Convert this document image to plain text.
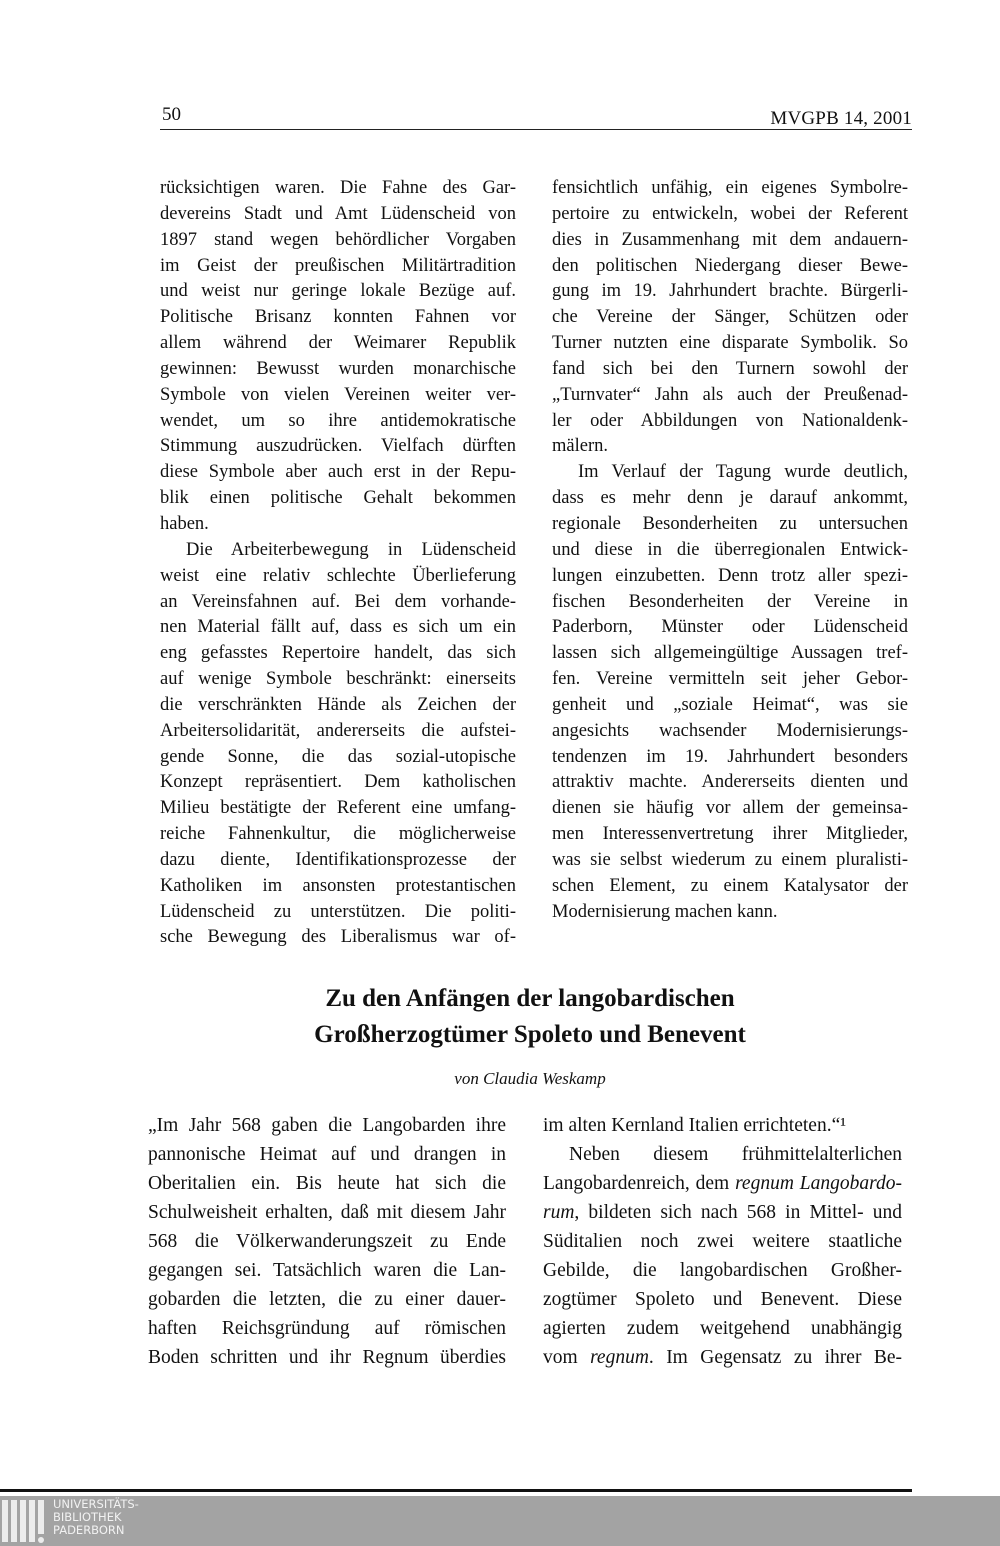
50	MVGPB 14, 2001
rücksichtigen waren. Die Fahne des Gar-
devereins Stadt und Amt Lüdenscheid von
1897 stand wegen behördlicher Vorgaben
im Geist der preußischen Militärtradition
und weist nur geringe lokale Bezüge auf.
Politische Brisanz konnten Fahnen vor
allem während der Weimarer Republik
gewinnen: Bewusst wurden monarchische
Symbole von vielen Vereinen weiter ver-
wendet, um so ihre antidemokratische
Stimmung auszudrücken. Vielfach dürften
diese Symbole aber auch erst in der Repu-
blik einen politische Gehalt bekommen
haben.
Die Arbeiterbewegung in Lüdenscheid
weist eine relativ schlechte Überlieferung
an Vereinsfahnen auf. Bei dem vorhande-
nen Material fällt auf, dass es sich um ein
eng gefasstes Repertoire handelt, das sich
auf wenige Symbole beschränkt: einerseits
die verschränkten Hände als Zeichen der
Arbeitersolidarität, andererseits die aufstei-
gende Sonne, die das sozial-utopische
Konzept repräsentiert. Dem katholischen
Milieu bestätigte der Referent eine umfang-
reiche Fahnenkultur, die möglicherweise
dazu diente, Identifikationsprozesse der
Katholiken im ansonsten protestantischen
Lüdenscheid zu unterstützen. Die politi-
sche Bewegung des Liberalismus war of-
fensichtlich unfähig, ein eigenes Symbolre-
pertoire zu entwickeln, wobei der Referent
dies in Zusammenhang mit dem andauern-
den politischen Niedergang dieser Bewe-
gung im 19. Jahrhundert brachte. Bürgerli-
che Vereine der Sänger, Schützen oder
Turner nutzten eine disparate Symbolik. So
fand sich bei den Turnern sowohl der
„Turnvater“ Jahn als auch der Preußenad-
ler oder Abbildungen von Nationaldenk-
mälern.
Im Verlauf der Tagung wurde deutlich,
dass es mehr denn je darauf ankommt,
regionale Besonderheiten zu untersuchen
und diese in die überregionalen Entwick-
lungen einzubetten. Denn trotz aller spezi-
fischen Besonderheiten der Vereine in
Paderborn, Münster oder Lüdenscheid
lassen sich allgemeingültige Aussagen tref-
fen. Vereine vermitteln seit jeher Gebor-
genheit und „soziale Heimat“, was sie
angesichts wachsender Modernisierungs-
tendenzen im 19. Jahrhundert besonders
attraktiv machte. Andererseits dienten und
dienen sie häufig vor allem der gemeinsa-
men Interessenvertretung ihrer Mitglieder,
was sie selbst wiederum zu einem pluralisti-
schen Element, zu einem Katalysator der
Modernisierung machen kann.
Zu den Anfängen der langobardischen
Großherzogtümer Spoleto und Benevent
von Claudia Weskamp
„Im Jahr 568 gaben die Langobarden ihre
pannonische Heimat auf und drangen in
Oberitalien ein. Bis heute hat sich die
Schulweisheit erhalten, daß mit diesem Jahr
568 die Völkerwanderungszeit zu Ende
gegangen sei. Tatsächlich waren die Lan-
gobarden die letzten, die zu einer dauer-
haften Reichsgründung auf römischen
Boden schritten und ihr Regnum überdies
im alten Kernland Italien errichteten.“¹
Neben diesem frühmittelalterlichen
Langobardenreich, dem regnum Langobardo-
rum, bildeten sich nach 568 in Mittel- und
Süditalien noch zwei weitere staatliche
Gebilde, die langobardischen Großher-
zogtümer Spoleto und Benevent. Diese
agierten zudem weitgehend unabhängig
vom regnum. Im Gegensatz zu ihrer Be-
UNIVERSITÄTS-
BIBLIOTHEK
PADERBORN
